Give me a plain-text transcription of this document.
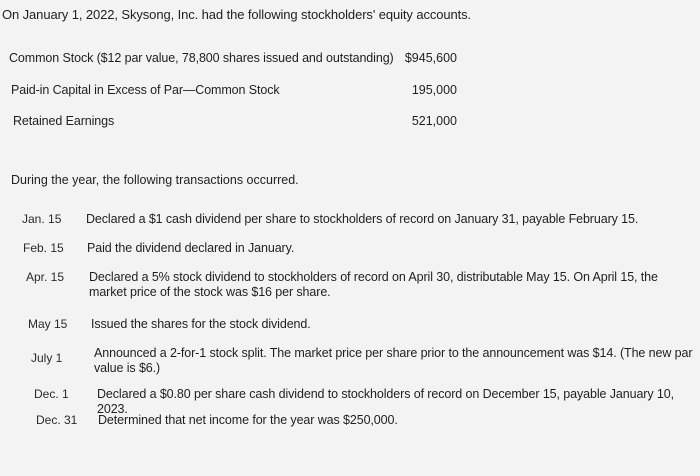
On January 1, 2022, Skysong, Inc. had the following stockholders' equity accounts.
Common Stock ($12 par value, 78,800 shares issued and outstanding) $945,600
Paid-in Capital in Excess of Par—Common Stock	195,000
Retained Earnings	521,000
During the year, the following transactions occurred.
Jan. 15 Declared a $1 cash dividend per share to stockholders of record on January 31, payable February 15.
Feb. 15 Paid the dividend declared in January.
Apr. 15 Declared a 5% stock dividend to stockholders of record on April 30, distributable May 15. On April 15, the market price of the stock was $16 per share.
May 15 Issued the shares for the stock dividend.
July 1	Announced a 2-for-1 stock split. The market price per share prior to the announcement was $14. (The new par value is $6.)
Dec. 1 Declared a $0.80 per share cash dividend to stockholders of record on December 15, payable January 10, 2023.
Dec. 31 Determined that net income for the year was $250,000.
